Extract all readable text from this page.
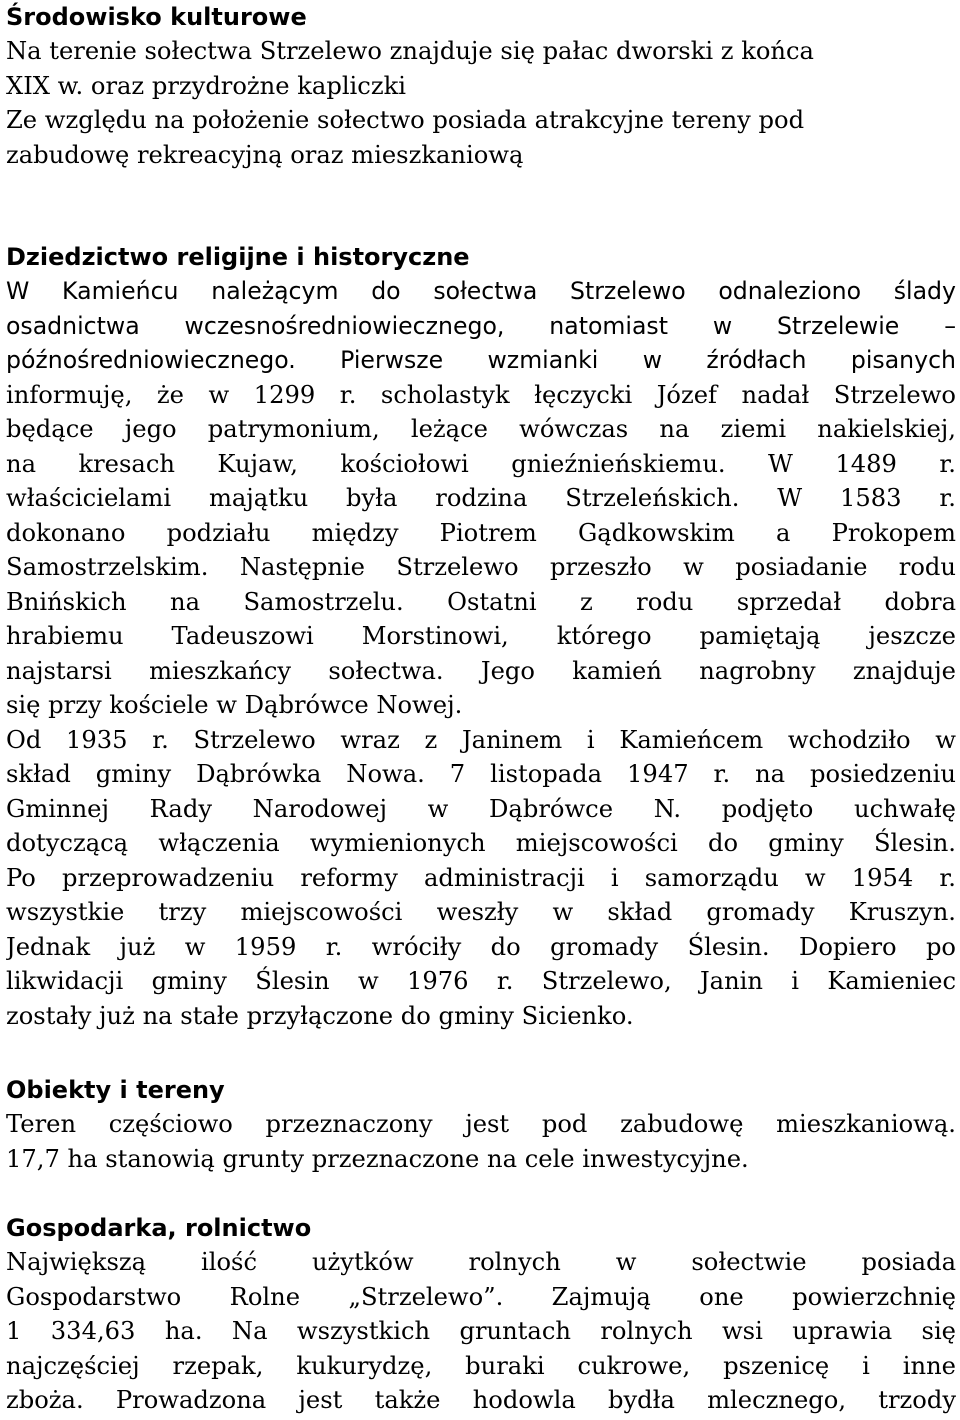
Środowisko kulturowe
Na terenie sołectwa Strzelewo znajduje się pałac dworski z końca
XIX w. oraz przydrożne kapliczki
Ze względu na położenie sołectwo posiada atrakcyjne tereny pod
zabudowę rekreacyjną oraz mieszkaniową
Dziedzictwo religijne i historyczne
W Kamieńcu należącym do sołectwa Strzelewo odnaleziono ślady
osadnictwa wczesnośredniowiecznego, natomiast w Strzelewie –
późnośredniowiecznego. Pierwsze wzmianki w źródłach pisanych
informuję, że w 1299 r. scholastyk łęczycki Józef nadał Strzelewo
będące jego patrymonium, leżące wówczas na ziemi nakielskiej,
na kresach Kujaw, kościołowi gnieźnieńskiemu. W 1489 r.
właścicielami majątku była rodzina Strzeleńskich. W 1583 r.
dokonano podziału między Piotrem Gądkowskim a Prokopem
Samostrzelskim. Następnie Strzelewo przeszło w posiadanie rodu
Bnińskich na Samostrzelu. Ostatni z rodu sprzedał dobra
hrabiemu Tadeuszowi Morstinowi, którego pamiętają jeszcze
najstarsi mieszkańcy sołectwa. Jego kamień nagrobny znajduje
się przy kościele w Dąbrówce Nowej.
Od 1935 r. Strzelewo wraz z Janinem i Kamieńcem wchodziło w
skład gminy Dąbrówka Nowa. 7 listopada 1947 r. na posiedzeniu
Gminnej Rady Narodowej w Dąbrówce N. podjęto uchwałę
dotyczącą włączenia wymienionych miejscowości do gminy Ślesin.
Po przeprowadzeniu reformy administracji i samorządu w 1954 r.
wszystkie trzy miejscowości weszły w skład gromady Kruszyn.
Jednak już w 1959 r. wróciły do gromady Ślesin. Dopiero po
likwidacji gminy Ślesin w 1976 r. Strzelewo, Janin i Kamieniec
zostały już na stałe przyłączone do gminy Sicienko.
Obiekty i tereny
Teren częściowo przeznaczony jest pod zabudowę mieszkaniową.
17,7 ha stanowią grunty przeznaczone na cele inwestycyjne.
Gospodarka, rolnictwo
Największą ilość użytków rolnych w sołectwie posiada
Gospodarstwo Rolne „Strzelewo”. Zajmują one powierzchnię
1 334,63 ha. Na wszystkich gruntach rolnych wsi uprawia się
najczęściej rzepak, kukurydzę, buraki cukrowe, pszenicę i inne
zboża. Prowadzona jest także hodowla bydła mlecznego, trzody
